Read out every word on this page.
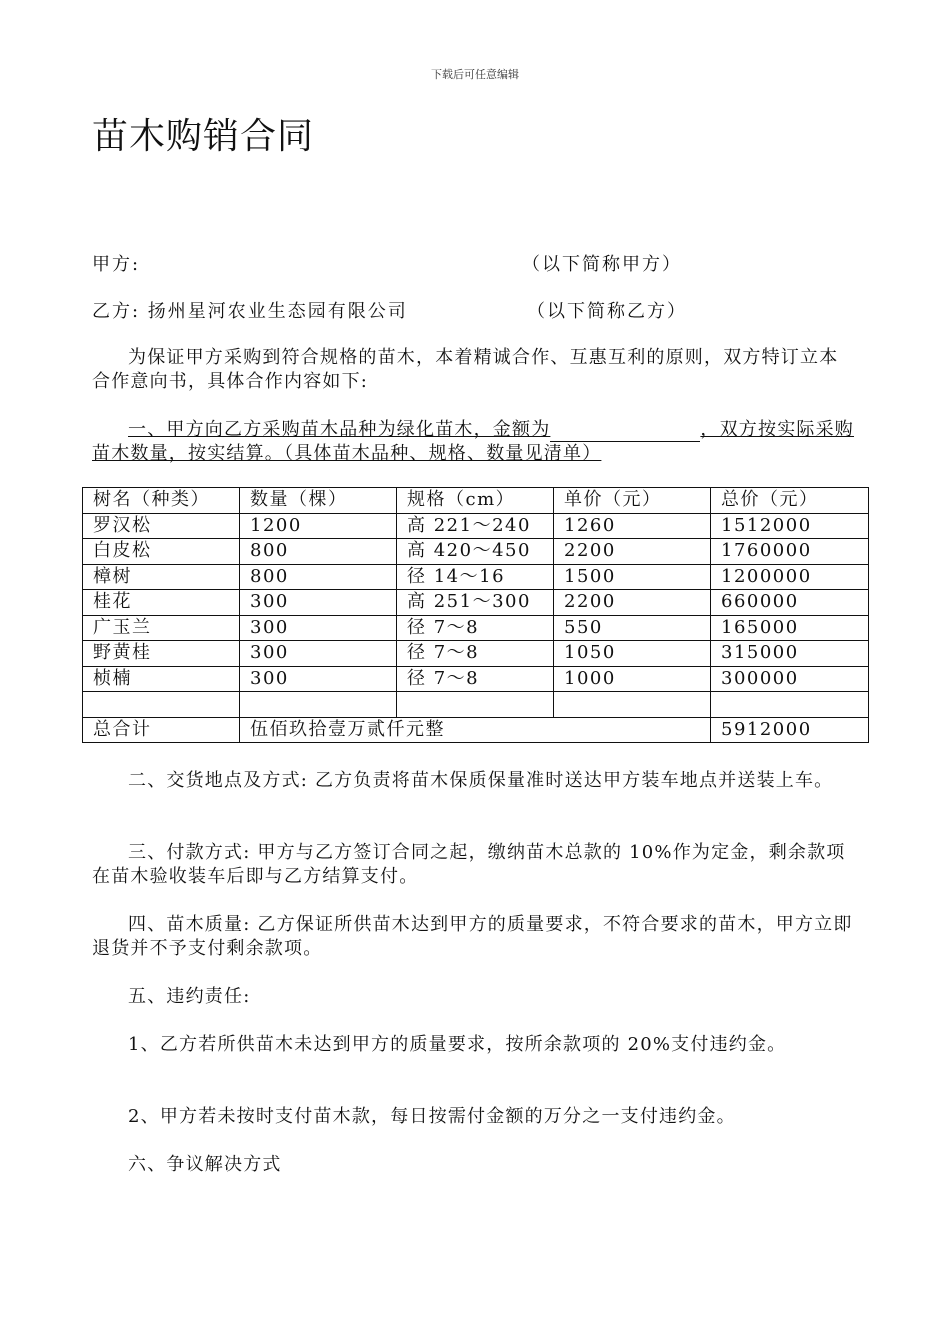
下载后可任意编辑
苗木购销合同
甲方:	（以下简称甲方）
乙方: 扬州星河农业生态园有限公司	（以下简称乙方）
为保证甲方采购到符合规格的苗木，本着精诚合作、互惠互利的原则，双方特订立本合作意向书，具体合作内容如下:
一、甲方向乙方采购苗木品种为绿化苗木，金额为	，双方按实际采购苗木数量，按实结算。（具体苗木品种、规格、数量见清单）
树名（种类）	数量（棵）	规格（cm）	单价（元）	总价（元）
罗汉松	1200	高 221～240	1260	1512000
白皮松	800	高 420～450	2200	1760000
樟树	800	径 14～16	1500	1200000
桂花	300	高 251～300	2200	660000
广玉兰	300	径 7～8	550	165000
野黄桂	300	径 7～8	1050	315000
桢楠	300	径 7～8	1000	300000

总合计	伍佰玖拾壹万贰仟元整			5912000
二、交货地点及方式: 乙方负责将苗木保质保量准时送达甲方装车地点并送装上车。
三、付款方式: 甲方与乙方签订合同之起，缴纳苗木总款的 10%作为定金，剩余款项在苗木验收装车后即与乙方结算支付。
四、苗木质量: 乙方保证所供苗木达到甲方的质量要求，不符合要求的苗木，甲方立即退货并不予支付剩余款项。
五、违约责任:
1、乙方若所供苗木未达到甲方的质量要求，按所余款项的 20%支付违约金。
2、甲方若未按时支付苗木款，每日按需付金额的万分之一支付违约金。
六、争议解决方式
